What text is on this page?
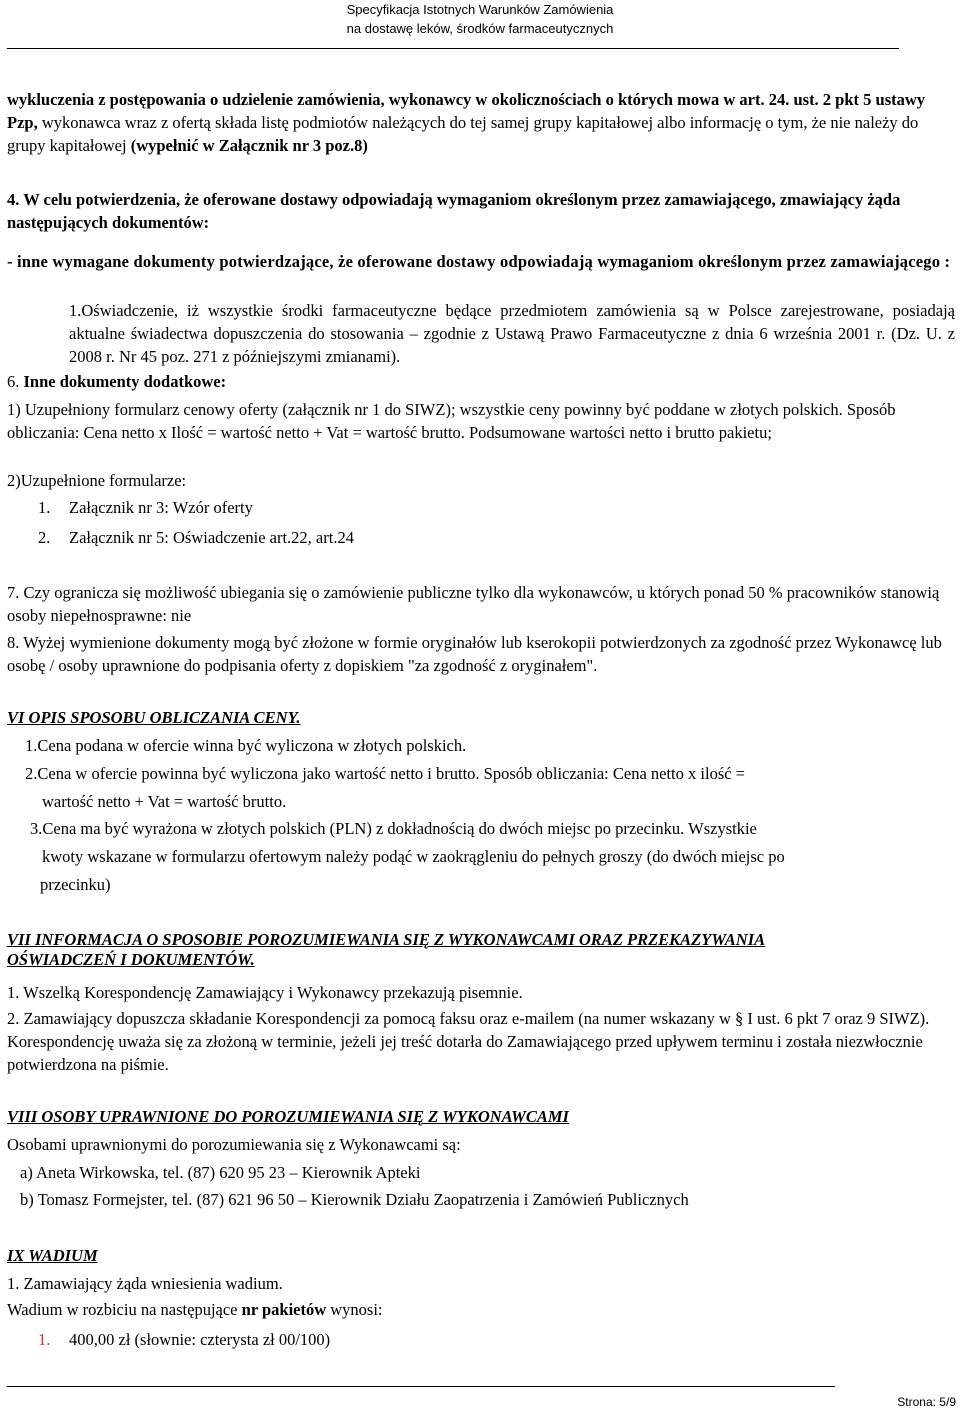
Specyfikacja Istotnych Warunków Zamówienia
na dostawę leków, środków farmaceutycznych
wykluczenia z postępowania o udzielenie zamówienia, wykonawcy w okolicznościach o których mowa w art. 24. ust. 2 pkt 5 ustawy Pzp, wykonawca wraz z ofertą składa listę podmiotów należących do tej samej grupy kapitałowej albo informację o tym, że nie należy do grupy kapitałowej (wypełnić w Załącznik nr 3 poz.8)
4. W celu potwierdzenia, że oferowane dostawy odpowiadają wymaganiom określonym przez zamawiającego, zmawiający żąda następujących dokumentów:
- inne wymagane dokumenty potwierdzające, że oferowane dostawy odpowiadają wymaganiom określonym przez zamawiającego :
1.Oświadczenie, iż wszystkie środki farmaceutyczne będące przedmiotem zamówienia są w Polsce zarejestrowane, posiadają aktualne świadectwa dopuszczenia do stosowania – zgodnie z Ustawą Prawo Farmaceutyczne z dnia 6 września 2001 r. (Dz. U. z 2008 r. Nr 45 poz. 271 z późniejszymi zmianami).
6. Inne dokumenty dodatkowe:
1) Uzupełniony formularz cenowy oferty (załącznik nr 1 do SIWZ); wszystkie ceny powinny być poddane w złotych polskich. Sposób obliczania: Cena netto x Ilość = wartość netto + Vat = wartość brutto. Podsumowane wartości netto i brutto pakietu;
2)Uzupełnione formularze:
1. Załącznik nr 3: Wzór oferty
2. Załącznik nr 5: Oświadczenie art.22, art.24
7. Czy ogranicza się możliwość ubiegania się o zamówienie publiczne tylko dla wykonawców, u których ponad 50 % pracowników stanowią osoby niepełnosprawne: nie
8. Wyżej wymienione dokumenty mogą być złożone w formie oryginałów lub kserokopii potwierdzonych za zgodność przez Wykonawcę lub osobę / osoby uprawnione do podpisania oferty z dopiskiem "za zgodność z oryginałem".
VI OPIS SPOSOBU OBLICZANIA CENY.
1.Cena podana w ofercie winna być wyliczona w złotych polskich.
2.Cena w ofercie powinna być wyliczona jako wartość netto i brutto. Sposób obliczania: Cena netto x ilość =
wartość netto + Vat = wartość brutto.
3.Cena ma być wyrażona w złotych polskich (PLN) z dokładnością do dwóch miejsc po przecinku. Wszystkie
kwoty wskazane w formularzu ofertowym należy podąć w zaokrągleniu do pełnych groszy (do dwóch miejsc po
przecinku)
VII INFORMACJA O SPOSOBIE POROZUMIEWANIA SIĘ Z WYKONAWCAMI ORAZ PRZEKAZYWANIA
OŚWIADCZEŃ I DOKUMENTÓW.
1. Wszelką Korespondencję Zamawiający i Wykonawcy przekazują pisemnie.
2. Zamawiający dopuszcza składanie Korespondencji za pomocą faksu oraz e-mailem (na numer wskazany w § I ust. 6 pkt 7 oraz 9 SIWZ). Korespondencję uważa się za złożoną w terminie, jeżeli jej treść dotarła do Zamawiającego przed upływem terminu i została niezwłocznie potwierdzona na piśmie.
VIII OSOBY UPRAWNIONE DO POROZUMIEWANIA SIĘ Z WYKONAWCAMI
Osobami uprawnionymi do porozumiewania się z Wykonawcami są:
a) Aneta Wirkowska, tel. (87) 620 95 23 – Kierownik Apteki
b) Tomasz Formejster, tel. (87) 621 96 50 – Kierownik Działu Zaopatrzenia i Zamówień Publicznych
IX WADIUM
1. Zamawiający żąda wniesienia wadium.
Wadium w rozbiciu na następujące nr pakietów wynosi:
1. 400,00 zł (słownie: czterysta zł 00/100)
Strona: 5/9
